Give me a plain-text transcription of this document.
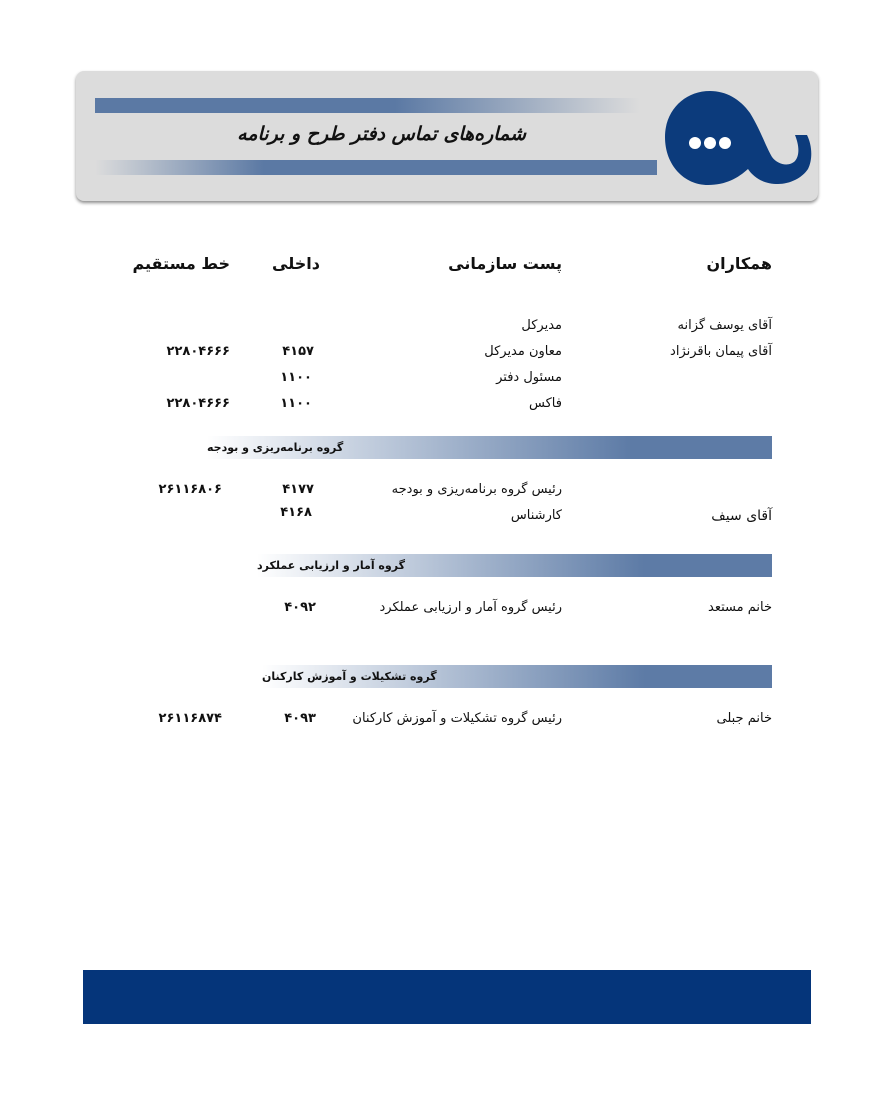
شماره‌های تماس دفتر طرح و برنامه
همکاران
پست سازمانی
داخلی
خط مستقیم
آقای یوسف گزانه
مدیرکل
آقای پیمان باقرنژاد
معاون مدیرکل
۴۱۵۷
۲۲۸۰۴۶۶۶
مسئول دفتر
۱۱۰۰
فاکس
۱۱۰۰
۲۲۸۰۴۶۶۶
گروه برنامه‌ریزی و بودجه
رئیس گروه برنامه‌ریزی و بودجه
۴۱۷۷
۲۶۱۱۶۸۰۶
کارشناس
۴۱۶۸	آقای سیف
گروه آمار و ارزیابی عملکرد
خانم مستعد
رئیس گروه آمار و ارزیابی عملکرد
۴۰۹۲
گروه تشکیلات و آموزش کارکنان
خانم جبلی
رئیس گروه تشکیلات و آموزش کارکنان
۴۰۹۳
۲۶۱۱۶۸۷۴
